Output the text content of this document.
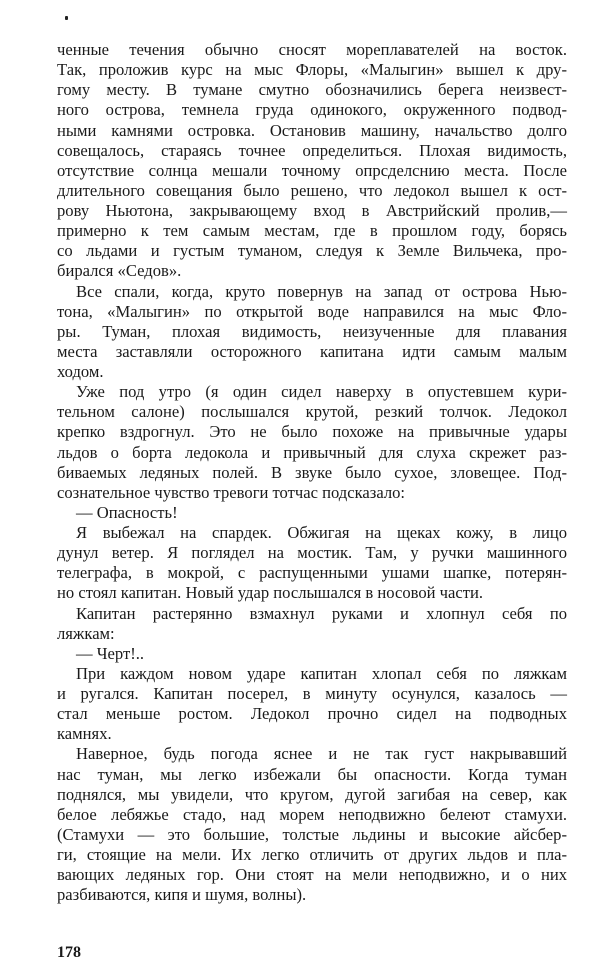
ченные течения обычно сносят мореплавателей на восток.
Так, проложив курс на мыс Флоры, «Малыгин» вышел к дру-
гому месту. В тумане смутно обозначились берега неизвест-
ного острова, темнела груда одинокого, окруженного подвод-
ными камнями островка. Остановив машину, начальство долго
совещалось, стараясь точнее определиться. Плохая видимость,
отсутствие солнца мешали точному опрсделснию места. После
длительного совещания было решено, что ледокол вышел к ост-
рову Ньютона, закрывающему вход в Австрийский пролив,—
примерно к тем самым местам, где в прошлом году, борясь
со льдами и густым туманом, следуя к Земле Вильчека, про-
бирался «Седов».
Все спали, когда, круто повернув на запад от острова Нью-
тона, «Малыгин» по открытой воде направился на мыс Фло-
ры. Туман, плохая видимость, неизученные для плавания
места заставляли осторожного капитана идти самым малым
ходом.
Уже под утро (я один сидел наверху в опустевшем кури-
тельном салоне) послышался крутой, резкий толчок. Ледокол
крепко вздрогнул. Это не было похоже на привычные удары
льдов о борта ледокола и привычный для слуха скрежет раз-
биваемых ледяных полей. В звуке было сухое, зловещее. Под-
сознательное чувство тревоги тотчас подсказало:
— Опасность!
Я выбежал на спардек. Обжигая на щеках кожу, в лицо
дунул ветер. Я поглядел на мостик. Там, у ручки машинного
телеграфа, в мокрой, с распущенными ушами шапке, потерян-
но стоял капитан. Новый удар послышался в носовой части.
Капитан растерянно взмахнул руками и хлопнул себя по
ляжкам:
— Черт!..
При каждом новом ударе капитан хлопал себя по ляжкам
и ругался. Капитан посерел, в минуту осунулся, казалось —
стал меньше ростом. Ледокол прочно сидел на подводных
камнях.
Наверное, будь погода яснее и не так густ накрывавший
нас туман, мы легко избежали бы опасности. Когда туман
поднялся, мы увидели, что кругом, дугой загибая на север, как
белое лебяжье стадо, над морем неподвижно белеют стамухи.
(Стамухи — это большие, толстые льдины и высокие айсбер-
ги, стоящие на мели. Их легко отличить от других льдов и пла-
вающих ледяных гор. Они стоят на мели неподвижно, и о них
разбиваются, кипя и шумя, волны).
178
